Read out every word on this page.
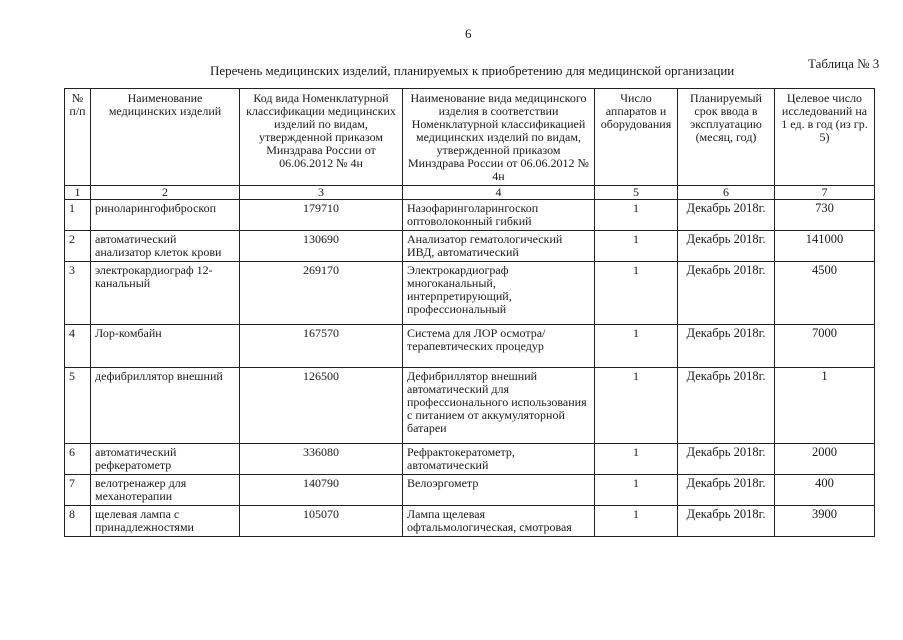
6
Таблица № 3
Перечень медицинских изделий, планируемых к приобретению для медицинской организации
№ п/п	Наименование медицинских изделий	Код вида Номенклатурной классификации медицинских изделий по видам, утвержденной приказом Минздрава России от 06.06.2012 № 4н	Наименование вида медицинского изделия в соответствии Номенклатурной классификацией медицинских изделий по видам, утвержденной приказом Минздрава России от 06.06.2012 № 4н	Число аппаратов и оборудования	Планируемый срок ввода в эксплуатацию (месяц, год)	Целевое число исследований на 1 ед. в год (из гр. 5)
1	2	3	4	5	6	7
1	риноларингофиброскоп	179710	Назофаринголарингоскоп оптоволоконный гибкий	1	Декабрь 2018г.	730
2	автоматический анализатор клеток крови	130690	Анализатор гематологический ИВД, автоматический	1	Декабрь 2018г.	141000
3	электрокардиограф 12-канальный	269170	Электрокардиограф многоканальный, интерпретирующий, профессиональный	1	Декабрь 2018г.	4500
4	Лор-комбайн	167570	Система для ЛОР осмотра/терапевтических процедур	1	Декабрь 2018г.	7000
5	дефибриллятор внешний	126500	Дефибриллятор внешний автоматический для профессионального использования с питанием от аккумуляторной батареи	1	Декабрь 2018г.	1
6	автоматический рефкератометр	336080	Рефрактокератометр, автоматический	1	Декабрь 2018г.	2000
7	велотренажер для механотерапии	140790	Велоэргометр	1	Декабрь 2018г.	400
8	щелевая лампа с принадлежностями	105070	Лампа щелевая офтальмологическая, смотровая	1	Декабрь 2018г.	3900
